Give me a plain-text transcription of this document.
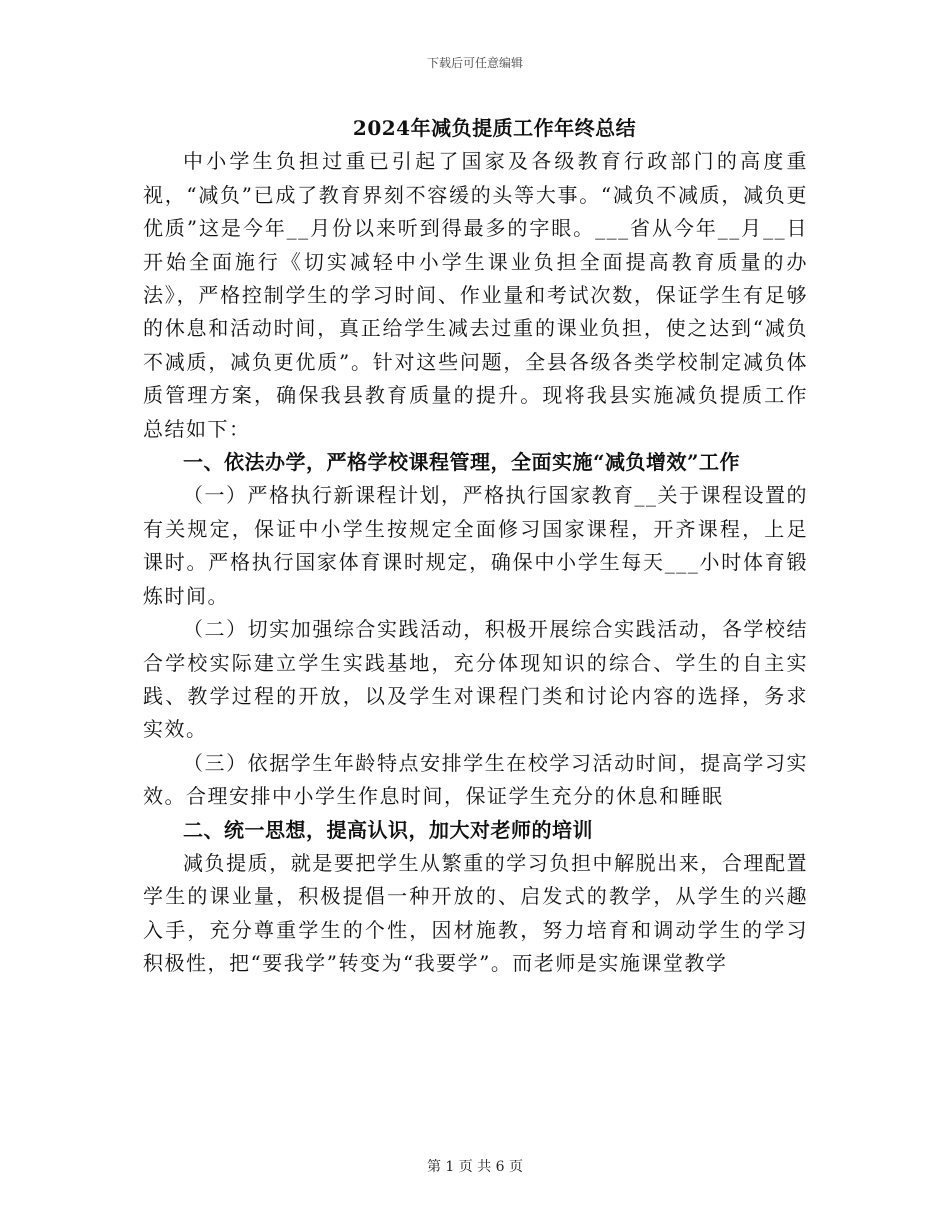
下载后可任意编辑
2024年减负提质工作年终总结

中小学生负担过重已引起了国家及各级教育行政部门的高度重视，“减负”已成了教育界刻不容缓的头等大事。“减负不减质，减负更优质”这是今年__月份以来听到得最多的字眼。___省从今年__月__日开始全面施行《切实减轻中小学生课业负担全面提高教育质量的办法》，严格控制学生的学习时间、作业量和考试次数，保证学生有足够的休息和活动时间，真正给学生减去过重的课业负担，使之达到“减负不减质，减负更优质”。针对这些问题，全县各级各类学校制定减负体质管理方案，确保我县教育质量的提升。现将我县实施减负提质工作总结如下：

一、依法办学，严格学校课程管理，全面实施“减负增效”工作

（一）严格执行新课程计划，严格执行国家教育__关于课程设置的有关规定，保证中小学生按规定全面修习国家课程，开齐课程，上足课时。严格执行国家体育课时规定，确保中小学生每天___小时体育锻炼时间。

（二）切实加强综合实践活动，积极开展综合实践活动，各学校结合学校实际建立学生实践基地，充分体现知识的综合、学生的自主实践、教学过程的开放，以及学生对课程门类和讨论内容的选择，务求实效。

（三）依据学生年龄特点安排学生在校学习活动时间，提高学习实效。合理安排中小学生作息时间，保证学生充分的休息和睡眠

二、统一思想，提高认识，加大对老师的培训

减负提质，就是要把学生从繁重的学习负担中解脱出来，合理配置学生的课业量，积极提倡一种开放的、启发式的教学，从学生的兴趣入手，充分尊重学生的个性，因材施教，努力培育和调动学生的学习积极性，把“要我学”转变为“我要学”。而老师是实施课堂教学

第 1 页 共 6 页
